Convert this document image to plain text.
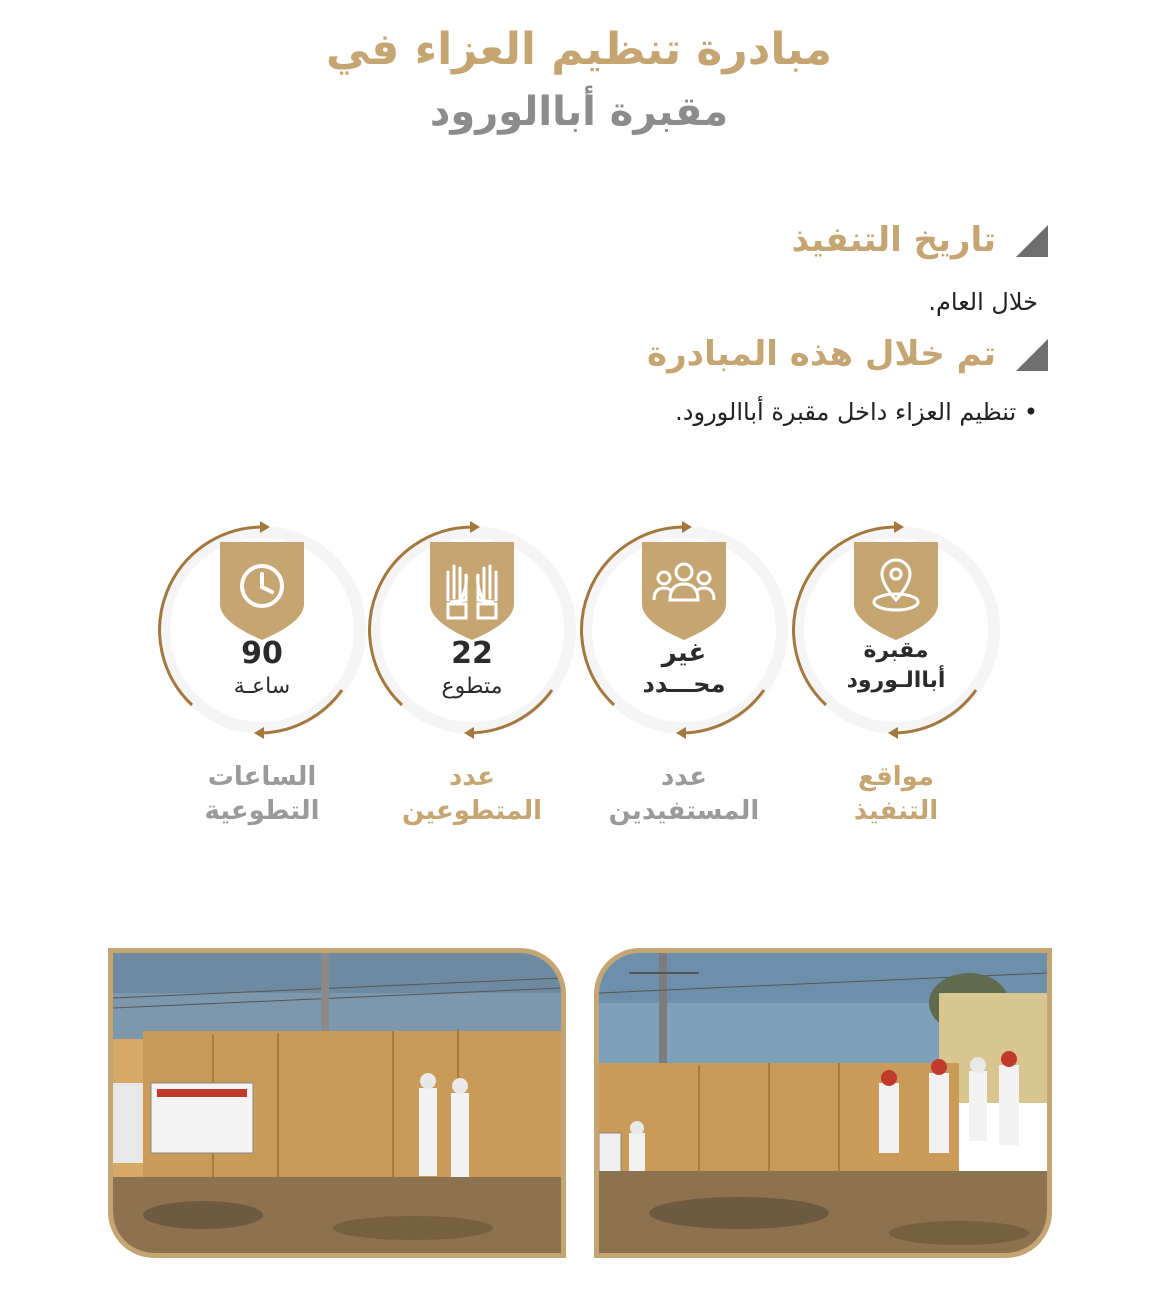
مبادرة تنظيم العزاء في
مقبرة أباالورود
تاريخ التنفيذ
خلال العام.
تم خلال هذه المبادرة
• تنظيم العزاء داخل مقبرة أباالورود.
90
ساعـة
الساعات
التطوعية
22
متطوع
عدد
المتطوعين
غير
محـــدد
عدد
المستفيدين
مقبرة
أباالـورود
مواقع
التنفيذ
